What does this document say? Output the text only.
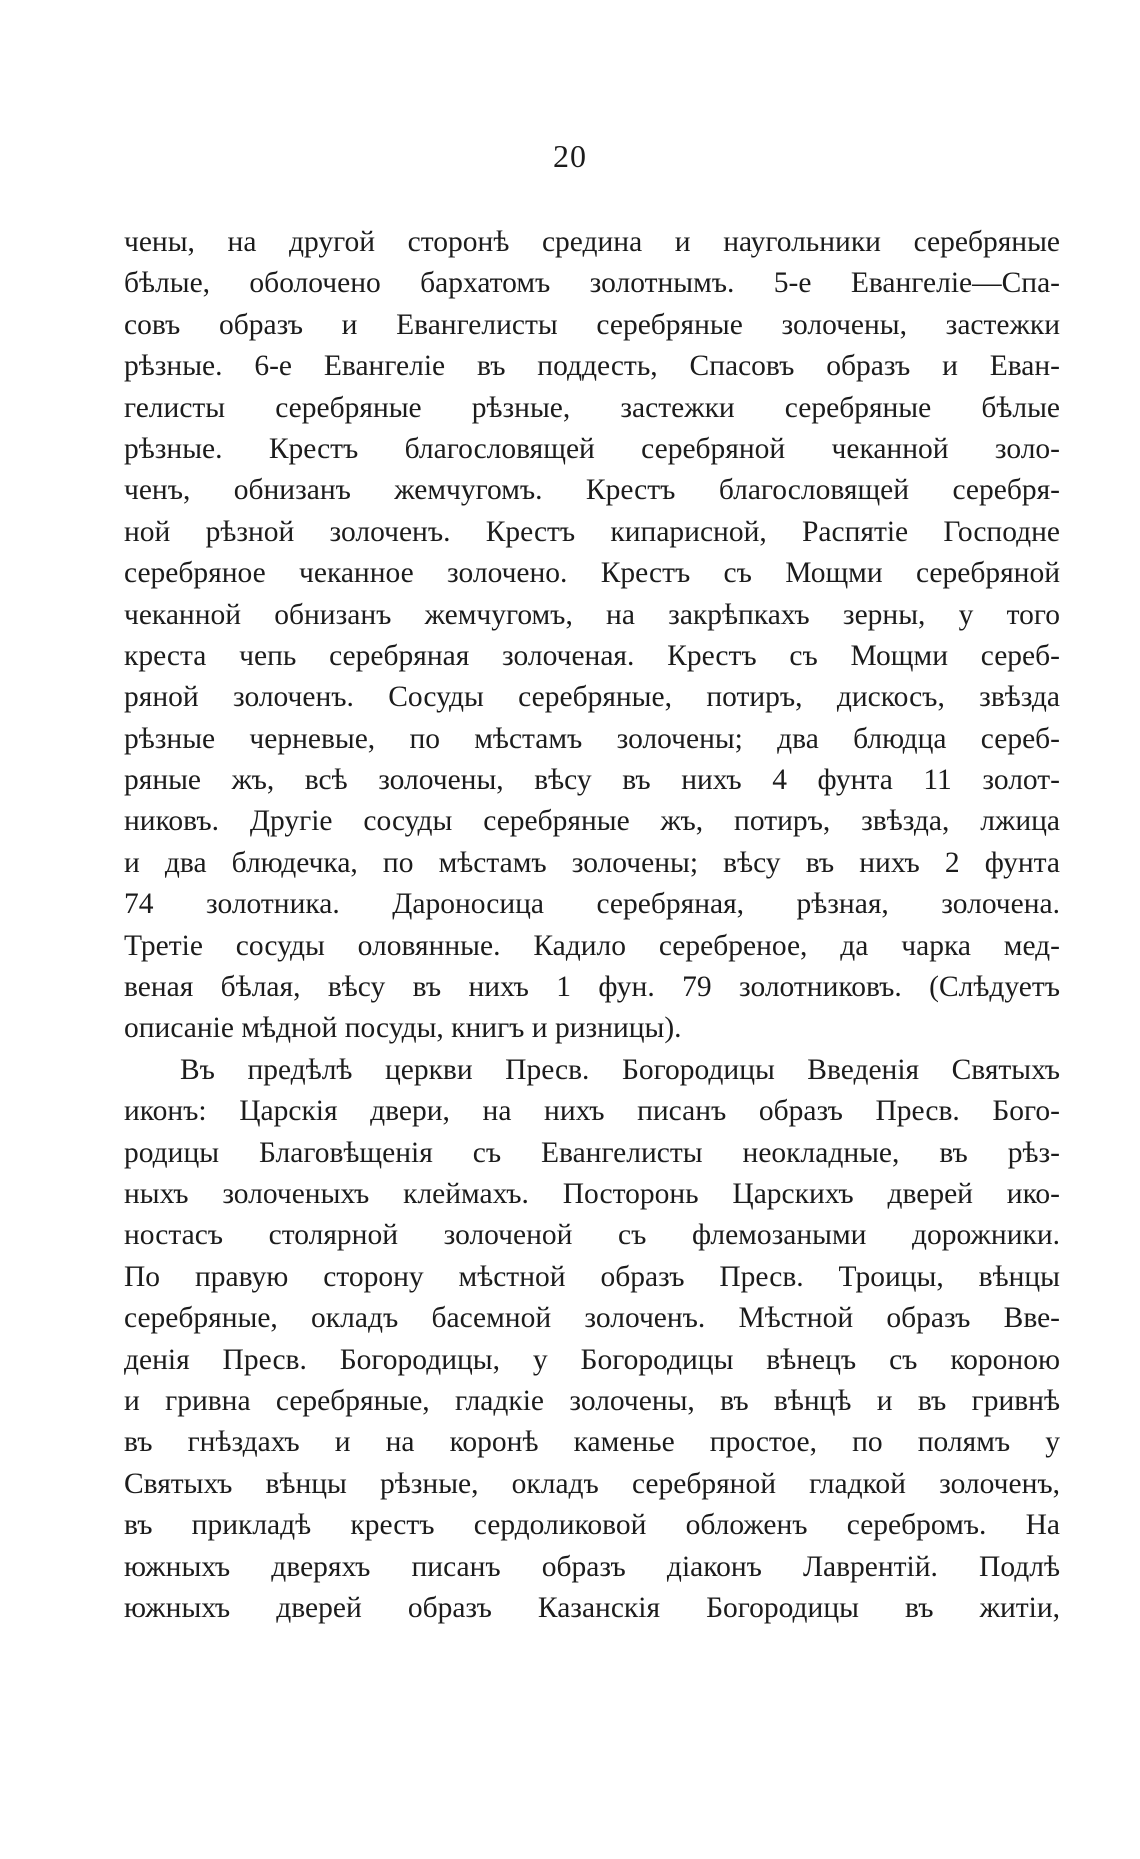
20
чены, на другой сторонѣ средина и наугольники серебряные
бѣлые, оболочено бархатомъ золотнымъ. 5-е Евангеліе—Спа-
совъ образъ и Евангелисты серебряные золочены, застежки
рѣзные. 6-е Евангеліе въ поддесть, Спасовъ образъ и Еван-
гелисты серебряные рѣзные, застежки серебряные бѣлые
рѣзные. Крестъ благословящей серебряной чеканной золо-
ченъ, обнизанъ жемчугомъ. Крестъ благословящей серебря-
ной рѣзной золоченъ. Крестъ кипарисной, Распятіе Господне
серебряное чеканное золочено. Крестъ съ Мощми серебряной
чеканной обнизанъ жемчугомъ, на закрѣпкахъ зерны, у того
креста чепь серебряная золоченая. Крестъ съ Мощми сереб-
ряной золоченъ. Сосуды серебряные, потиръ, дискосъ, звѣзда
рѣзные черневые, по мѣстамъ золочены; два блюдца сереб-
ряные жъ, всѣ золочены, вѣсу въ нихъ 4 фунта 11 золот-
никовъ. Другіе сосуды серебряные жъ, потиръ, звѣзда, лжица
и два блюдечка, по мѣстамъ золочены; вѣсу въ нихъ 2 фунта
74 золотника. Дароносица серебряная, рѣзная, золочена.
Третіе сосуды оловянные. Кадило серебреное, да чарка мед-
веная бѣлая, вѣсу въ нихъ 1 фун. 79 золотниковъ. (Слѣдуетъ
описаніе мѣдной посуды, книгъ и ризницы).
Въ предѣлѣ церкви Пресв. Богородицы Введенія Святыхъ
иконъ: Царскія двери, на нихъ писанъ образъ Пресв. Бого-
родицы Благовѣщенія съ Евангелисты неокладные, въ рѣз-
ныхъ золоченыхъ клеймахъ. Посторонь Царскихъ дверей ико-
ностасъ столярной золоченой съ флемозаными дорожники.
По правую сторону мѣстной образъ Пресв. Троицы, вѣнцы
серебряные, окладъ басемной золоченъ. Мѣстной образъ Вве-
денія Пресв. Богородицы, у Богородицы вѣнецъ съ короною
и гривна серебряные, гладкіе золочены, въ вѣнцѣ и въ гривнѣ
въ гнѣздахъ и на коронѣ каменье простое, по полямъ у
Святыхъ вѣнцы рѣзные, окладъ серебряной гладкой золоченъ,
въ прикладѣ крестъ сердоликовой обложенъ серебромъ. На
южныхъ дверяхъ писанъ образъ діаконъ Лаврентій. Подлѣ
южныхъ дверей образъ Казанскія Богородицы въ житіи,
